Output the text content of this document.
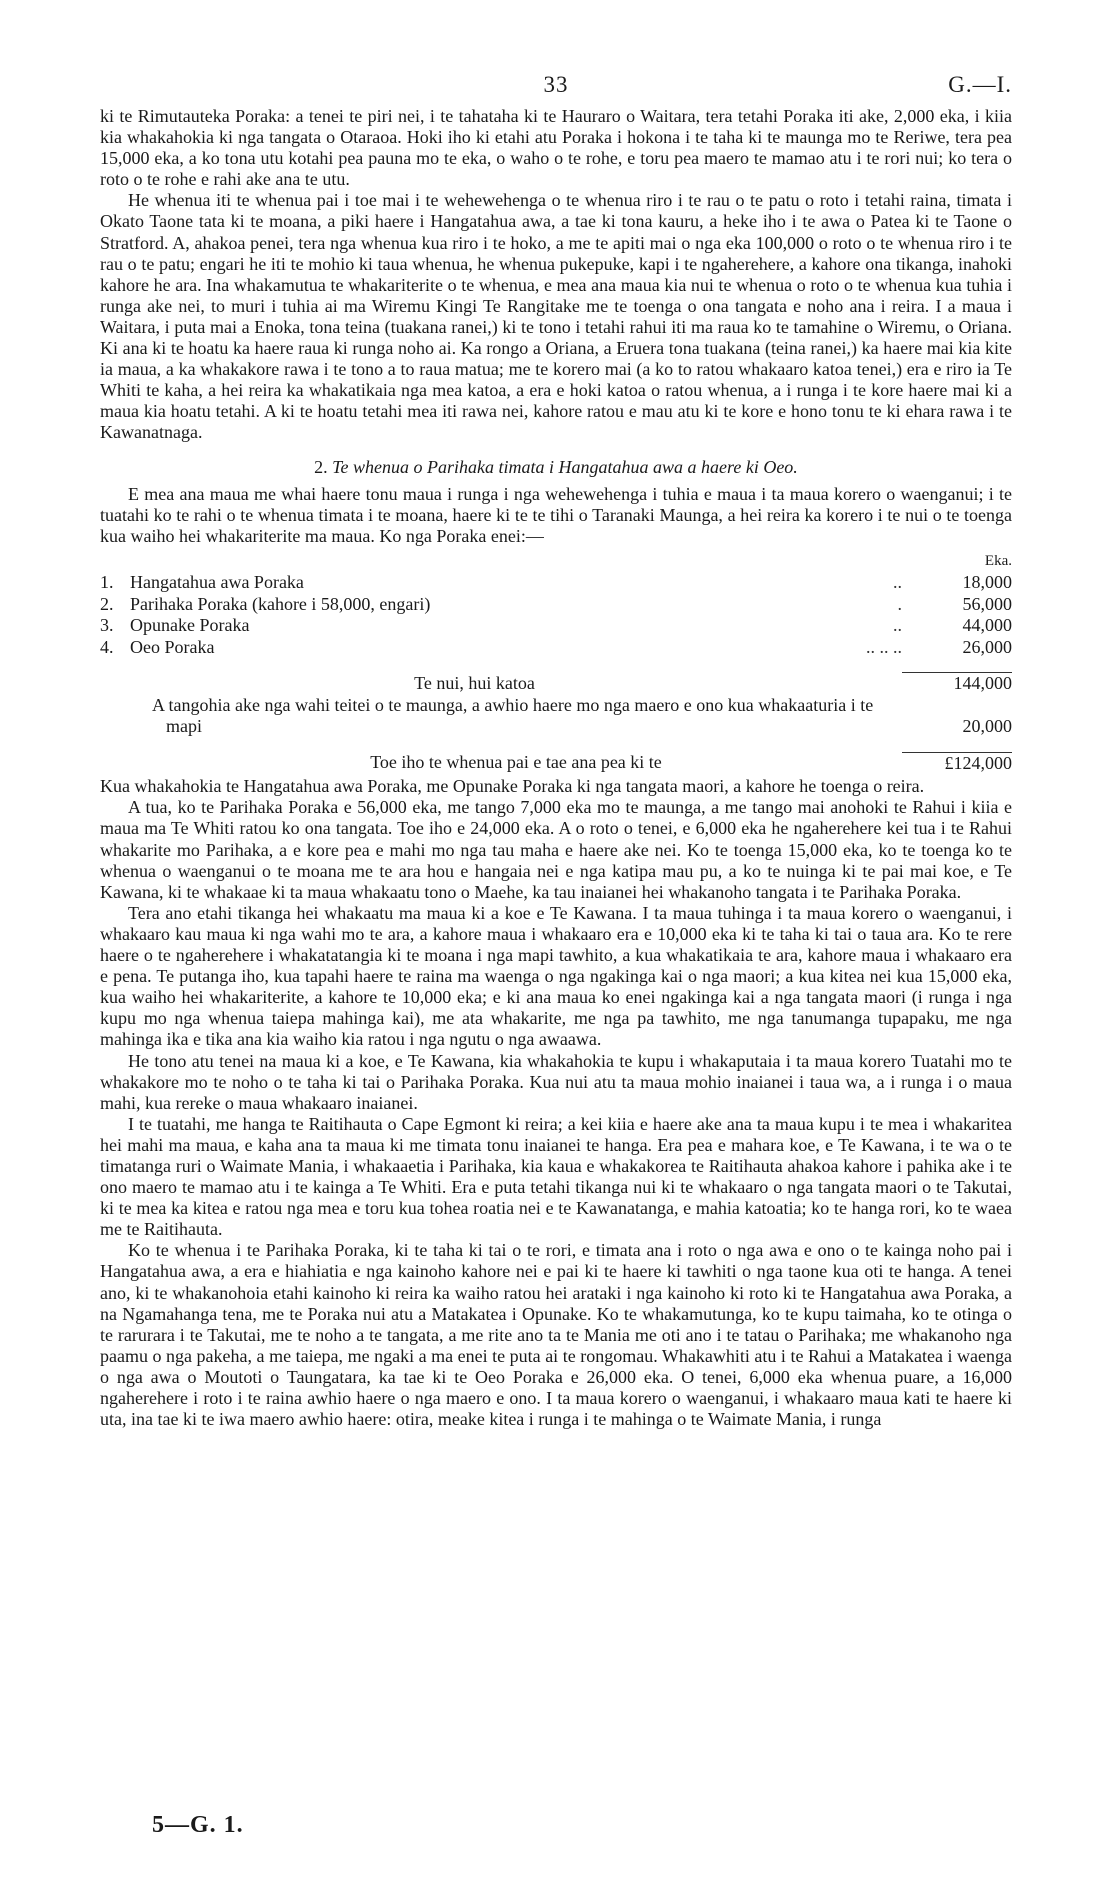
33	G.—I.

ki te Rimutauteka Poraka: a tenei te piri nei, i te tahataha ki te Hauraro o Waitara, tera tetahi Poraka iti ake, 2,000 eka, i kiia kia whakahokia ki nga tangata o Otaraoa. Hoki iho ki etahi atu Poraka i hokona i te taha ki te maunga mo te Reriwe, tera pea 15,000 eka, a ko tona utu kotahi pea pauna mo te eka, o waho o te rohe, e toru pea maero te mamao atu i te rori nui; ko tera o roto o te rohe e rahi ake ana te utu.

He whenua iti te whenua pai i toe mai i te wehewehenga o te whenua riro i te rau o te patu o roto i tetahi raina, timata i Okato Taone tata ki te moana, a piki haere i Hangatahua awa, a tae ki tona kauru, a heke iho i te awa o Patea ki te Taone o Stratford. A, ahakoa penei, tera nga whenua kua riro i te hoko, a me te apiti mai o nga eka 100,000 o roto o te whenua riro i te rau o te patu; engari he iti te mohio ki taua whenua, he whenua pukepuke, kapi i te ngaherehere, a kahore ona tikanga, inahoki kahore he ara. Ina whakamutua te whakariterite o te whenua, e mea ana maua kia nui te whenua o roto o te whenua kua tuhia i runga ake nei, to muri i tuhia ai ma Wiremu Kingi Te Rangitake me te toenga o ona tangata e noho ana i reira. I a maua i Waitara, i puta mai a Enoka, tona teina (tuakana ranei,) ki te tono i tetahi rahui iti ma raua ko te tamahine o Wiremu, o Oriana. Ki ana ki te hoatu ka haere raua ki runga noho ai. Ka rongo a Oriana, a Eruera tona tuakana (teina ranei,) ka haere mai kia kite ia maua, a ka whakakore rawa i te tono a to raua matua; me te korero mai (a ko to ratou whakaaro katoa tenei,) era e riro ia Te Whiti te kaha, a hei reira ka whakatikaia nga mea katoa, a era e hoki katoa o ratou whenua, a i runga i te kore haere mai ki a maua kia hoatu tetahi. A ki te hoatu tetahi mea iti rawa nei, kahore ratou e mau atu ki te kore e hono tonu te ki ehara rawa i te Kawanatnaga.

2. Te whenua o Parihaka timata i Hangatahua awa a haere ki Oeo.

E mea ana maua me whai haere tonu maua i runga i nga wehewehenga i tuhia e maua i ta maua korero o waenganui; i te tuatahi ko te rahi o te whenua timata i te moana, haere ki te te tihi o Taranaki Maunga, a hei reira ka korero i te nui o te toenga kua waiho hei whakariterite ma maua. Ko nga Poraka enei:—

			Eka.
1.	Hangatahua awa Poraka	..	18,000
2.	Parihaka Poraka (kahore i 58,000, engari)	.	56,000
3.	Opunake Poraka	..	44,000
4.	Oeo Poraka	.. .. ..	26,000

	Te nui, hui katoa		144,000
	A tangohia ake nga wahi teitei o te maunga, a awhio haere mo nga maero e ono kua whakaaturia i te mapi		20,000

	Toe iho te whenua pai e tae ana pea ki te		£124,000

Kua whakahokia te Hangatahua awa Poraka, me Opunake Poraka ki nga tangata maori, a kahore he toenga o reira.

A tua, ko te Parihaka Poraka e 56,000 eka, me tango 7,000 eka mo te maunga, a me tango mai anohoki te Rahui i kiia e maua ma Te Whiti ratou ko ona tangata. Toe iho e 24,000 eka. A o roto o tenei, e 6,000 eka he ngaherehere kei tua i te Rahui whakarite mo Parihaka, a e kore pea e mahi mo nga tau maha e haere ake nei. Ko te toenga 15,000 eka, ko te toenga ko te whenua o waenganui o te moana me te ara hou e hangaia nei e nga katipa mau pu, a ko te nuinga ki te pai mai koe, e Te Kawana, ki te whakaae ki ta maua whakaatu tono o Maehe, ka tau inaianei hei whakanoho tangata i te Parihaka Poraka.

Tera ano etahi tikanga hei whakaatu ma maua ki a koe e Te Kawana. I ta maua tuhinga i ta maua korero o waenganui, i whakaaro kau maua ki nga wahi mo te ara, a kahore maua i whakaaro era e 10,000 eka ki te taha ki tai o taua ara. Ko te rere haere o te ngaherehere i whakatatangia ki te moana i nga mapi tawhito, a kua whakatikaia te ara, kahore maua i whakaaro era e pena. Te putanga iho, kua tapahi haere te raina ma waenga o nga ngakinga kai o nga maori; a kua kitea nei kua 15,000 eka, kua waiho hei whakariterite, a kahore te 10,000 eka; e ki ana maua ko enei ngakinga kai a nga tangata maori (i runga i nga kupu mo nga whenua taiepa mahinga kai), me ata whakarite, me nga pa tawhito, me nga tanumanga tupapaku, me nga mahinga ika e tika ana kia waiho kia ratou i nga ngutu o nga awaawa.

He tono atu tenei na maua ki a koe, e Te Kawana, kia whakahokia te kupu i whakaputaia i ta maua korero Tuatahi mo te whakakore mo te noho o te taha ki tai o Parihaka Poraka. Kua nui atu ta maua mohio inaianei i taua wa, a i runga i o maua mahi, kua rereke o maua whakaaro inaianei.

I te tuatahi, me hanga te Raitihauta o Cape Egmont ki reira; a kei kiia e haere ake ana ta maua kupu i te mea i whakaritea hei mahi ma maua, e kaha ana ta maua ki me timata tonu inaianei te hanga. Era pea e mahara koe, e Te Kawana, i te wa o te timatanga ruri o Waimate Mania, i whakaaetia i Parihaka, kia kaua e whakakorea te Raitihauta ahakoa kahore i pahika ake i te ono maero te mamao atu i te kainga a Te Whiti. Era e puta tetahi tikanga nui ki te whakaaro o nga tangata maori o te Takutai, ki te mea ka kitea e ratou nga mea e toru kua tohea roatia nei e te Kawanatanga, e mahia katoatia; ko te hanga rori, ko te waea me te Raitihauta.

Ko te whenua i te Parihaka Poraka, ki te taha ki tai o te rori, e timata ana i roto o nga awa e ono o te kainga noho pai i Hangatahua awa, a era e hiahiatia e nga kainoho kahore nei e pai ki te haere ki tawhiti o nga taone kua oti te hanga. A tenei ano, ki te whakanohoia etahi kainoho ki reira ka waiho ratou hei arataki i nga kainoho ki roto ki te Hangatahua awa Poraka, a na Ngamahanga tena, me te Poraka nui atu a Matakatea i Opunake. Ko te whakamutunga, ko te kupu taimaha, ko te otinga o te rarurara i te Takutai, me te noho a te tangata, a me rite ano ta te Mania me oti ano i te tatau o Parihaka; me whakanoho nga paamu o nga pakeha, a me taiepa, me ngaki a ma enei te puta ai te rongomau. Whakawhiti atu i te Rahui a Matakatea i waenga o nga awa o Moutoti o Taungatara, ka tae ki te Oeo Poraka e 26,000 eka. O tenei, 6,000 eka whenua puare, a 16,000 ngaherehere i roto i te raina awhio haere o nga maero e ono. I ta maua korero o waenganui, i whakaaro maua kati te haere ki uta, ina tae ki te iwa maero awhio haere: otira, meake kitea i runga i te mahinga o te Waimate Mania, i runga

5—G. 1.
